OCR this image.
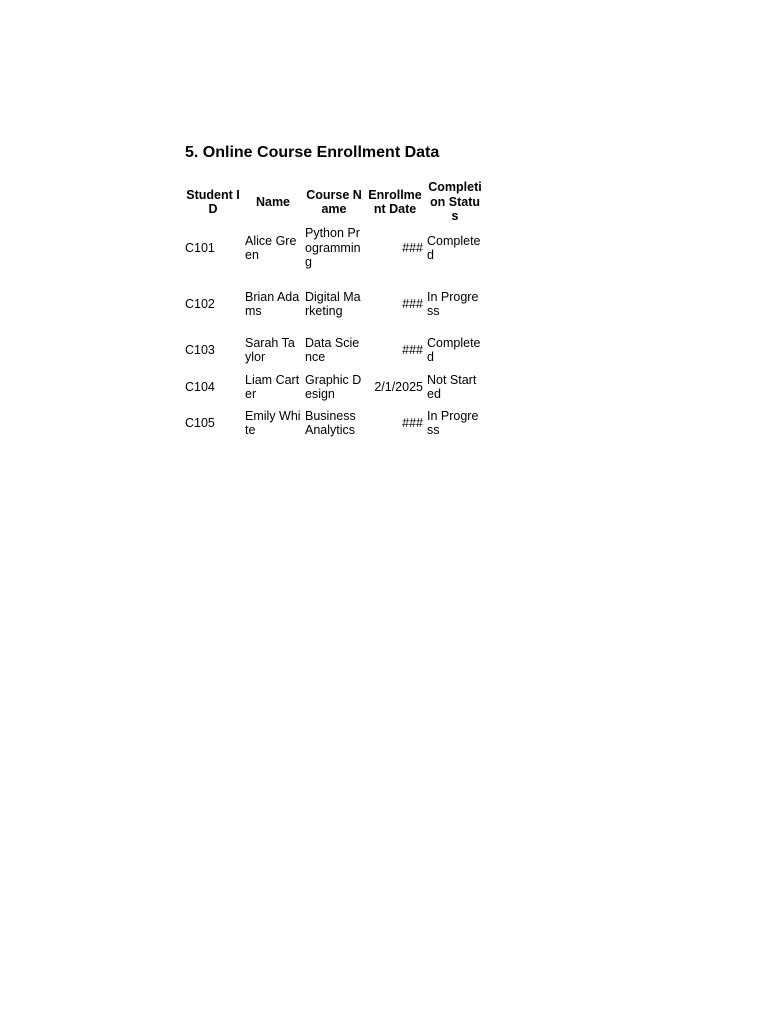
5. Online Course Enrollment Data
Student ID
Name
Course Name
Enrollment Date
Completion Status
C101
Alice Green
Python Programming
###
Completed
C102
Brian Adams
Digital Marketing
###
In Progress
C103
Sarah Taylor
Data Science
###
Completed
C104
Liam Carter
Graphic Design
2/1/2025
Not Started
C105
Emily White
Business Analytics
###
In Progress
